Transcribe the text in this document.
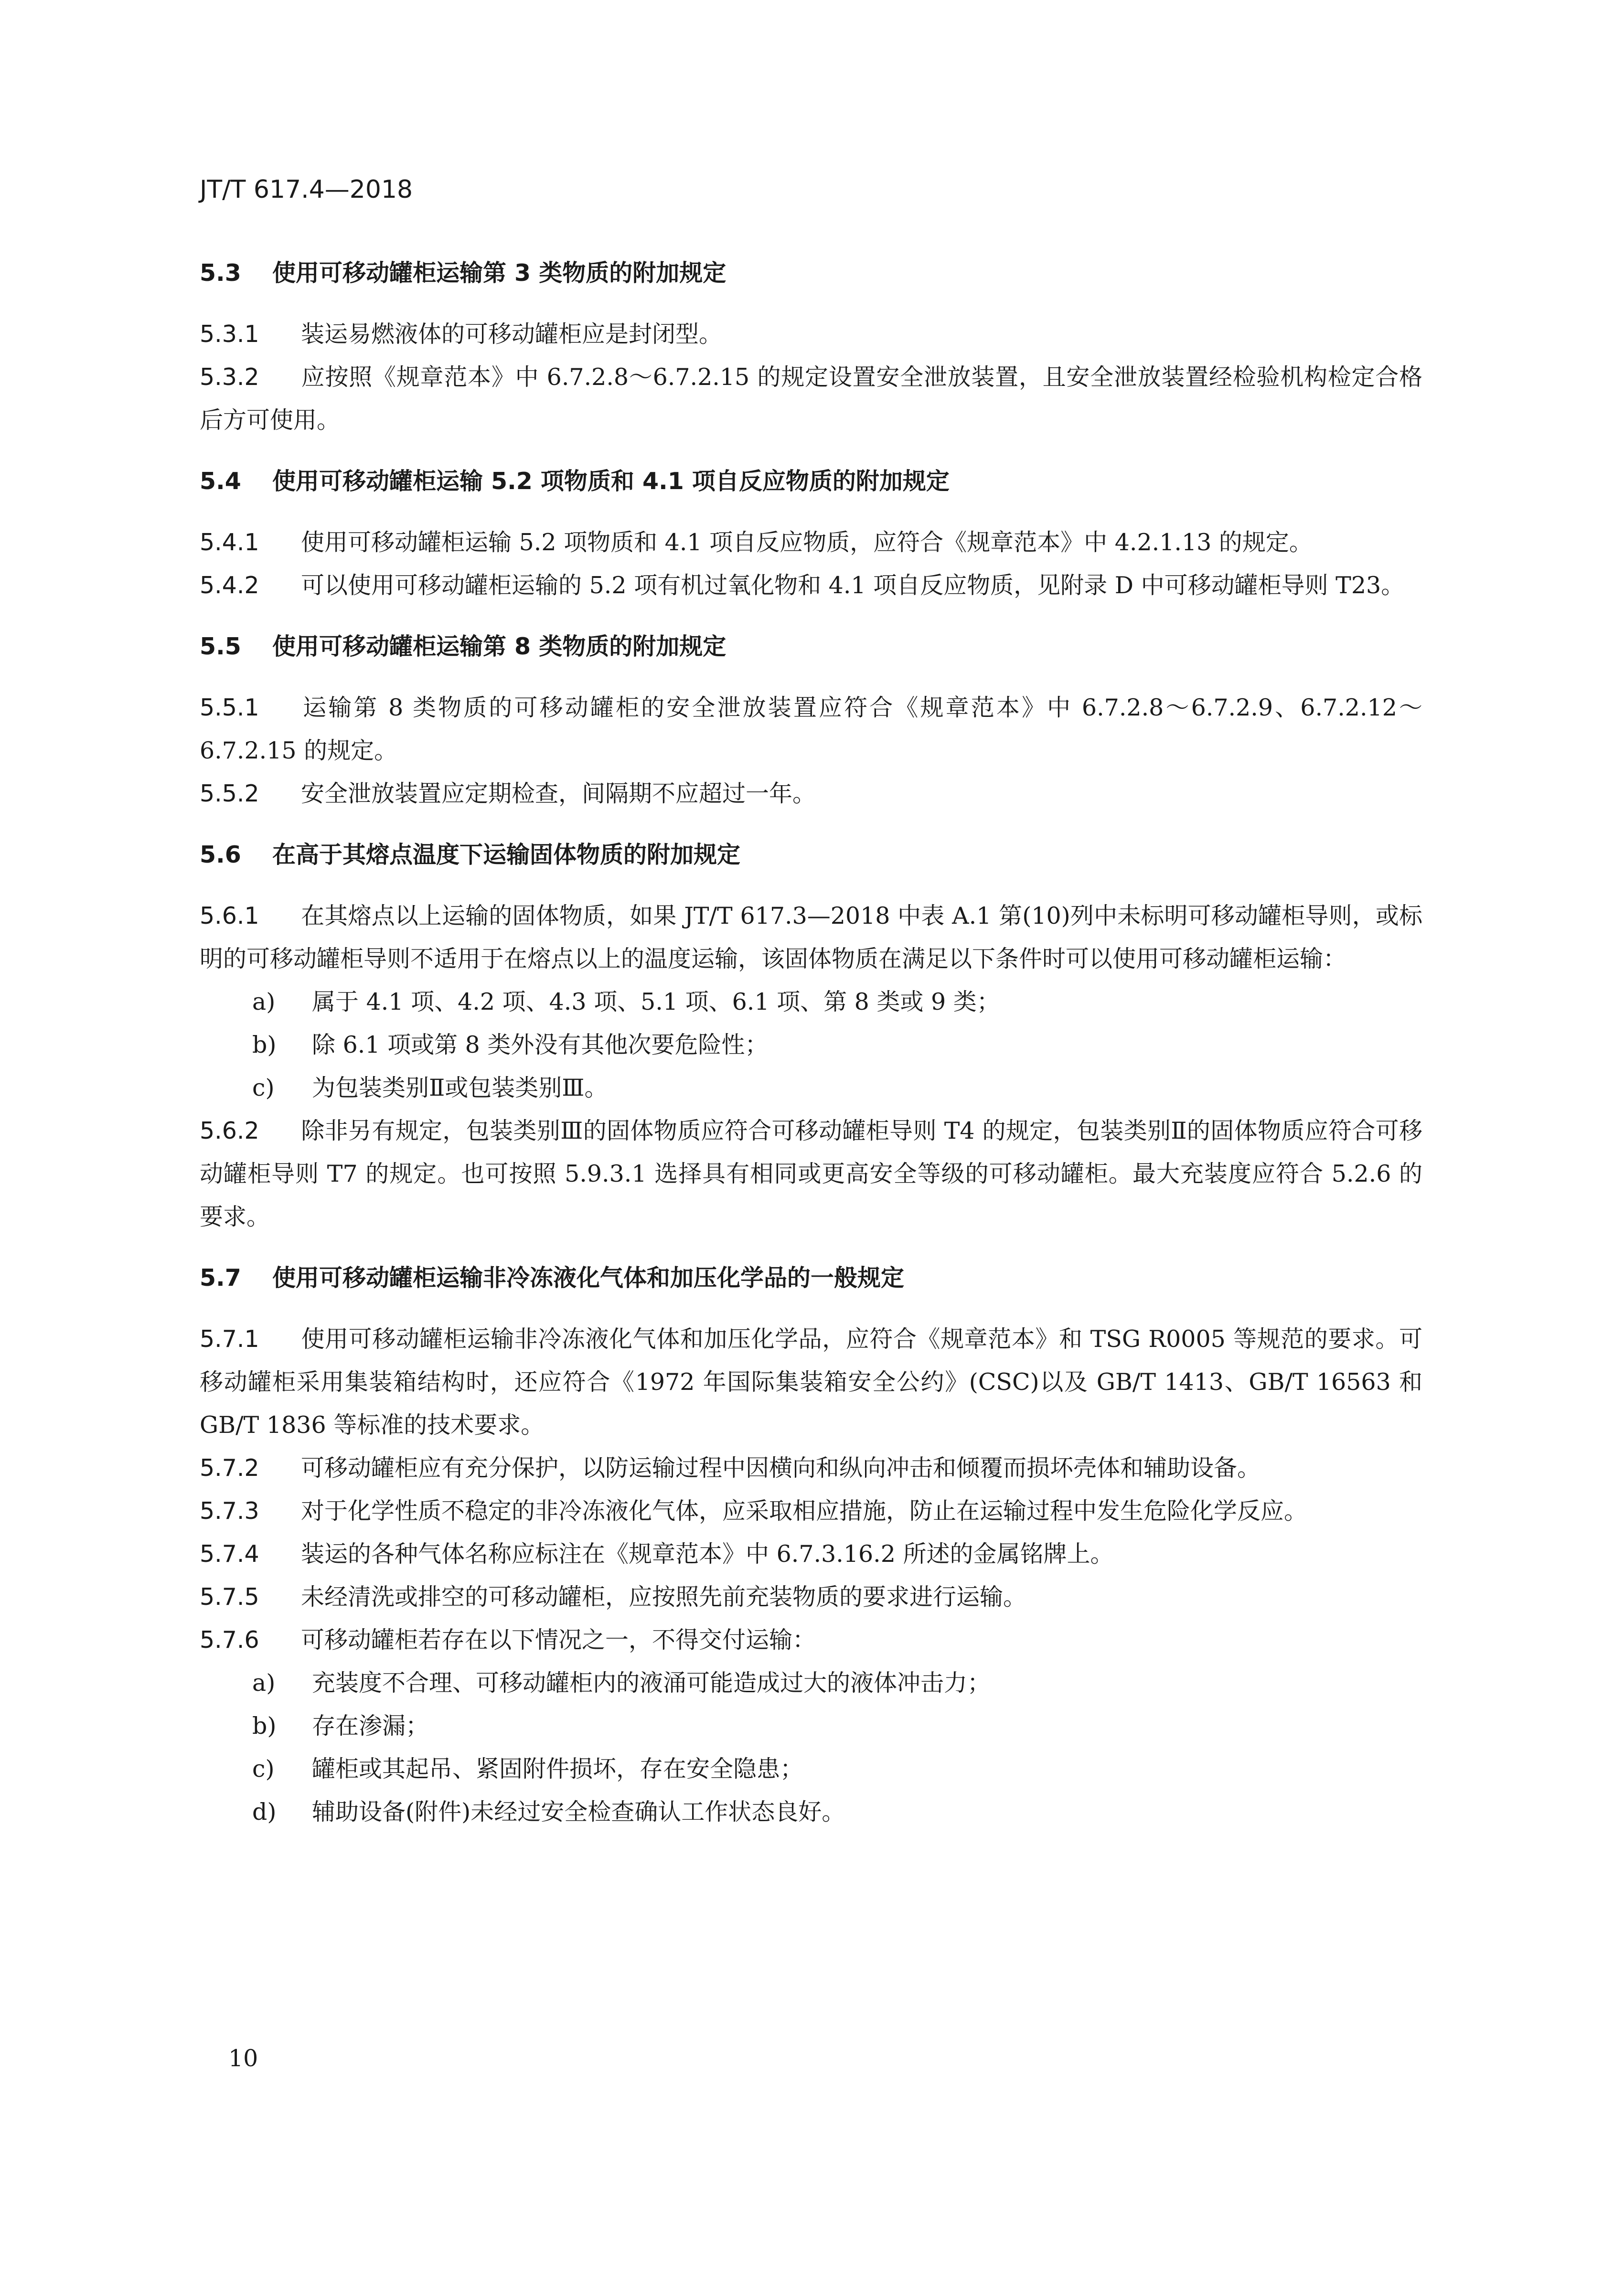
JT/T 617.4—2018
5.3 使用可移动罐柜运输第 3 类物质的附加规定

5.3.1 装运易燃液体的可移动罐柜应是封闭型。

5.3.2 应按照《规章范本》中 6.7.2.8～6.7.2.15 的规定设置安全泄放装置，且安全泄放装置经检验机构检定合格后方可使用。

5.4 使用可移动罐柜运输 5.2 项物质和 4.1 项自反应物质的附加规定

5.4.1 使用可移动罐柜运输 5.2 项物质和 4.1 项自反应物质，应符合《规章范本》中 4.2.1.13 的规定。

5.4.2 可以使用可移动罐柜运输的 5.2 项有机过氧化物和 4.1 项自反应物质，见附录 D 中可移动罐柜导则 T23。

5.5 使用可移动罐柜运输第 8 类物质的附加规定

5.5.1 运输第 8 类物质的可移动罐柜的安全泄放装置应符合《规章范本》中 6.7.2.8～6.7.2.9、6.7.2.12～6.7.2.15 的规定。

5.5.2 安全泄放装置应定期检查，间隔期不应超过一年。

5.6 在高于其熔点温度下运输固体物质的附加规定

5.6.1 在其熔点以上运输的固体物质，如果 JT/T 617.3—2018 中表 A.1 第(10)列中未标明可移动罐柜导则，或标明的可移动罐柜导则不适用于在熔点以上的温度运输，该固体物质在满足以下条件时可以使用可移动罐柜运输：

a) 属于 4.1 项、4.2 项、4.3 项、5.1 项、6.1 项、第 8 类或 9 类；
b) 除 6.1 项或第 8 类外没有其他次要危险性；
c) 为包装类别Ⅱ或包装类别Ⅲ。

5.6.2 除非另有规定，包装类别Ⅲ的固体物质应符合可移动罐柜导则 T4 的规定，包装类别Ⅱ的固体物质应符合可移动罐柜导则 T7 的规定。也可按照 5.9.3.1 选择具有相同或更高安全等级的可移动罐柜。最大充装度应符合 5.2.6 的要求。

5.7 使用可移动罐柜运输非冷冻液化气体和加压化学品的一般规定

5.7.1 使用可移动罐柜运输非冷冻液化气体和加压化学品，应符合《规章范本》和 TSG R0005 等规范的要求。可移动罐柜采用集装箱结构时，还应符合《1972 年国际集装箱安全公约》(CSC)以及 GB/T 1413、GB/T 16563 和 GB/T 1836 等标准的技术要求。

5.7.2 可移动罐柜应有充分保护，以防运输过程中因横向和纵向冲击和倾覆而损坏壳体和辅助设备。

5.7.3 对于化学性质不稳定的非冷冻液化气体，应采取相应措施，防止在运输过程中发生危险化学反应。

5.7.4 装运的各种气体名称应标注在《规章范本》中 6.7.3.16.2 所述的金属铭牌上。

5.7.5 未经清洗或排空的可移动罐柜，应按照先前充装物质的要求进行运输。

5.7.6 可移动罐柜若存在以下情况之一，不得交付运输：

a) 充装度不合理、可移动罐柜内的液涌可能造成过大的液体冲击力；
b) 存在渗漏；
c) 罐柜或其起吊、紧固附件损坏，存在安全隐患；
d) 辅助设备(附件)未经过安全检查确认工作状态良好。
10
